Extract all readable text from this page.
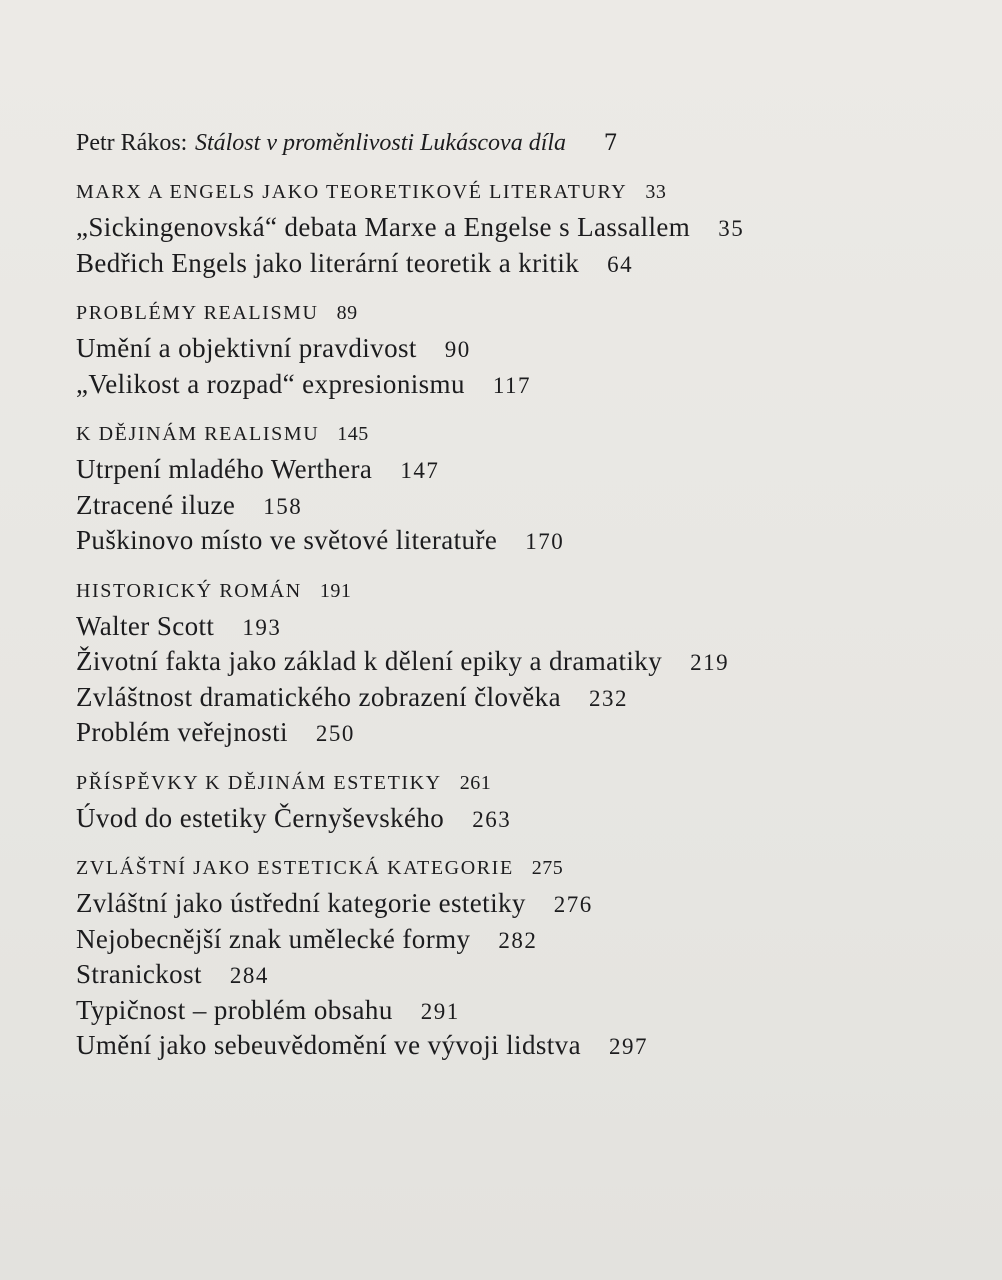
Petr Rákos: Stálost v proměnlivosti Lukáscova díla 7
MARX A ENGELS JAKO TEORETIKOVÉ LITERATURY 33
„Sickingenovská“ debata Marxe a Engelse s Lassallem 35
Bedřich Engels jako literární teoretik a kritik 64
PROBLÉMY REALISMU 89
Umění a objektivní pravdivost 90
„Velikost a rozpad“ expresionismu 117
K DĚJINÁM REALISMU 145
Utrpení mladého Werthera 147
Ztracené iluze 158
Puškinovo místo ve světové literatuře 170
HISTORICKÝ ROMÁN 191
Walter Scott 193
Životní fakta jako základ k dělení epiky a dramatiky 219
Zvláštnost dramatického zobrazení člověka 232
Problém veřejnosti 250
PŘÍSPĚVKY K DĚJINÁM ESTETIKY 261
Úvod do estetiky Černyševského 263
ZVLÁŠTNÍ JAKO ESTETICKÁ KATEGORIE 275
Zvláštní jako ústřední kategorie estetiky 276
Nejobecnější znak umělecké formy 282
Stranickost 284
Typičnost – problém obsahu 291
Umění jako sebeuvědomění ve vývoji lidstva 297
